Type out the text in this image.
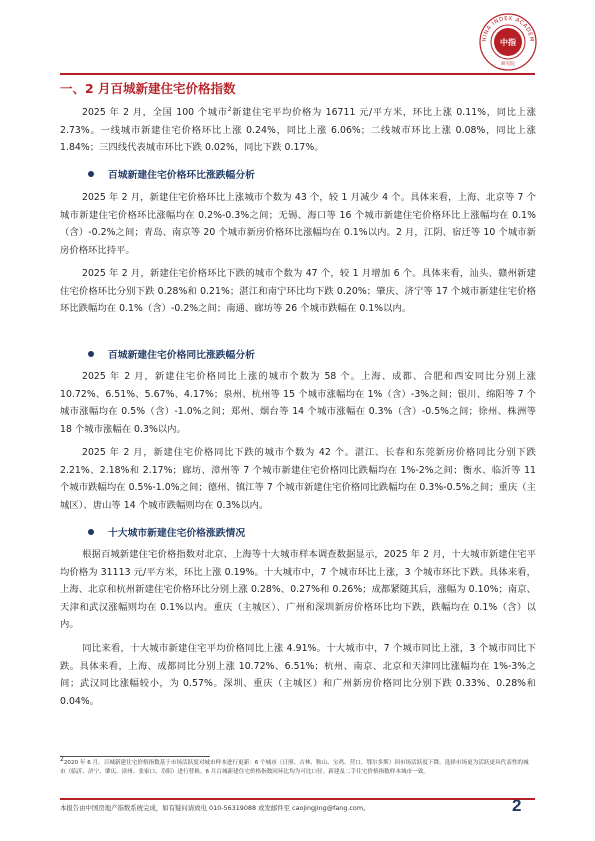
HINA INDEX ACADEM
中指
研究院
一、2 月百城新建住宅价格指数

2025 年 2 月，全国 100 个城市$^2$新建住宅平均价格为 16711 元/平方米，环比上涨 0.11%，同比上涨 2.73%。一线城市新建住宅价格环比上涨 0.24%，同比上涨 6.06%；二线城市环比上涨 0.08%，同比上涨 1.84%；三四线代表城市环比下跌 0.02%，同比下跌 0.17%。

百城新建住宅价格环比涨跌幅分析

2025 年 2 月，新建住宅价格环比上涨城市个数为 43 个，较 1 月减少 4 个。具体来看，上海、北京等 7 个城市新建住宅价格环比涨幅均在 0.2%-0.3%之间；无锡、海口等 16 个城市新建住宅价格环比上涨幅均在 0.1%（含）-0.2%之间；青岛、南京等 20 个城市新房价格环比涨幅均在 0.1%以内。2 月，江阴、宿迁等 10 个城市新房价格环比持平。

2025 年 2 月，新建住宅价格环比下跌的城市个数为 47 个，较 1 月增加 6 个。具体来看，汕头、赣州新建住宅价格环比分别下跌 0.28%和 0.21%；湛江和南宁环比均下跌 0.20%；肇庆、济宁等 17 个城市新建住宅价格环比跌幅均在 0.1%（含）-0.2%之间；南通、廊坊等 26 个城市跌幅在 0.1%以内。

百城新建住宅价格同比涨跌幅分析

2025 年 2 月，新建住宅价格同比上涨的城市个数为 58 个。上海、成都、合肥和西安同比分别上涨 10.72%、6.51%、5.67%、4.17%；泉州、杭州等 15 个城市涨幅均在 1%（含）-3%之间；银川、绵阳等 7 个城市涨幅均在 0.5%（含）-1.0%之间；郑州、烟台等 14 个城市涨幅在 0.3%（含）-0.5%之间；徐州、株洲等 18 个城市涨幅在 0.3%以内。

2025 年 2 月，新建住宅价格同比下跌的城市个数为 42 个。湛江、长春和东莞新房价格同比分别下跌 2.21%、2.18%和 2.17%；廊坊、漳州等 7 个城市新建住宅价格同比跌幅均在 1%-2%之间；衡水、临沂等 11 个城市跌幅均在 0.5%-1.0%之间；德州、镇江等 7 个城市新建住宅价格同比跌幅均在 0.3%-0.5%之间；重庆（主城区）、唐山等 14 个城市跌幅则均在 0.3%以内。

十大城市新建住宅价格涨跌情况

根据百城新建住宅价格指数对北京、上海等十大城市样本调查数据显示，2025 年 2 月，十大城市新建住宅平均价格为 31113 元/平方米，环比上涨 0.19%。十大城市中，7 个城市环比上涨，3 个城市环比下跌。具体来看，上海、北京和杭州新建住宅价格环比分别上涨 0.28%、0.27%和 0.26%；成都紧随其后，涨幅为 0.10%；南京、天津和武汉涨幅则均在 0.1%以内。重庆（主城区）、广州和深圳新房价格环比均下跌，跌幅均在 0.1%（含）以内。

同比来看，十大城市新建住宅平均价格同比上涨 4.91%。十大城市中，7 个城市同比上涨，3 个城市同比下跌。具体来看，上海、成都同比分别上涨 10.72%、6.51%；杭州、南京、北京和天津同比涨幅均在 1%-3%之间；武汉同比涨幅较小，为 0.57%。深圳、重庆（主城区）和广州新房价格同比分别下跌 0.33%、0.28%和 0.04%。

22020 年 6 月，百城新建住宅价格指数基于市场活跃度对城市样本进行更新：6 个城市（日照、吉林、鞍山、宝鸡、营口、鄂尔多斯）因市场活跃度下降，选择市场更为活跃更具代表性的城市（临沂、济宁、肇庆、漳州、张家口、阜阳）进行替换。6 月百城新建住宅价格指数同环比均为可比口径。新建及二手住宅价格指数样本城市一致。

本报告由中国房地产指数系统完成，如有疑问请致电 010-56319088 或发邮件至 caojingjing@fang.com。	2
